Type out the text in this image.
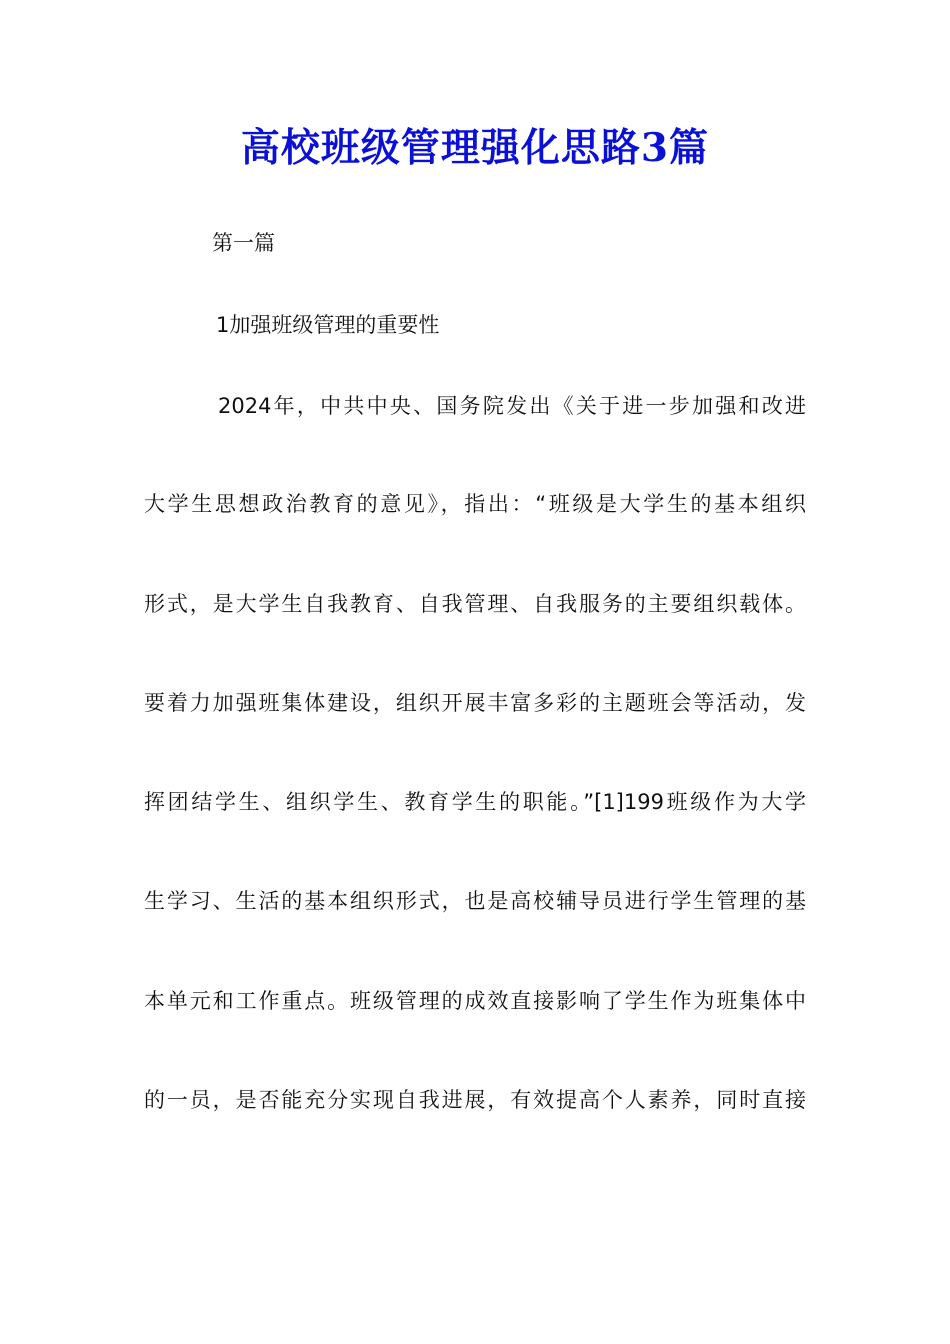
高校班级管理强化思路3篇
第一篇
1加强班级管理的重要性
2024年，中共中央、国务院发出《关于进一步加强和改进
大学生思想政治教育的意见》，指出：“班级是大学生的基本组织
形式，是大学生自我教育、自我管理、自我服务的主要组织载体。
要着力加强班集体建设，组织开展丰富多彩的主题班会等活动，发
挥团结学生、组织学生、教育学生的职能。”[1]199班级作为大学
生学习、生活的基本组织形式，也是高校辅导员进行学生管理的基
本单元和工作重点。班级管理的成效直接影响了学生作为班集体中
的一员，是否能充分实现自我进展，有效提高个人素养，同时直接
